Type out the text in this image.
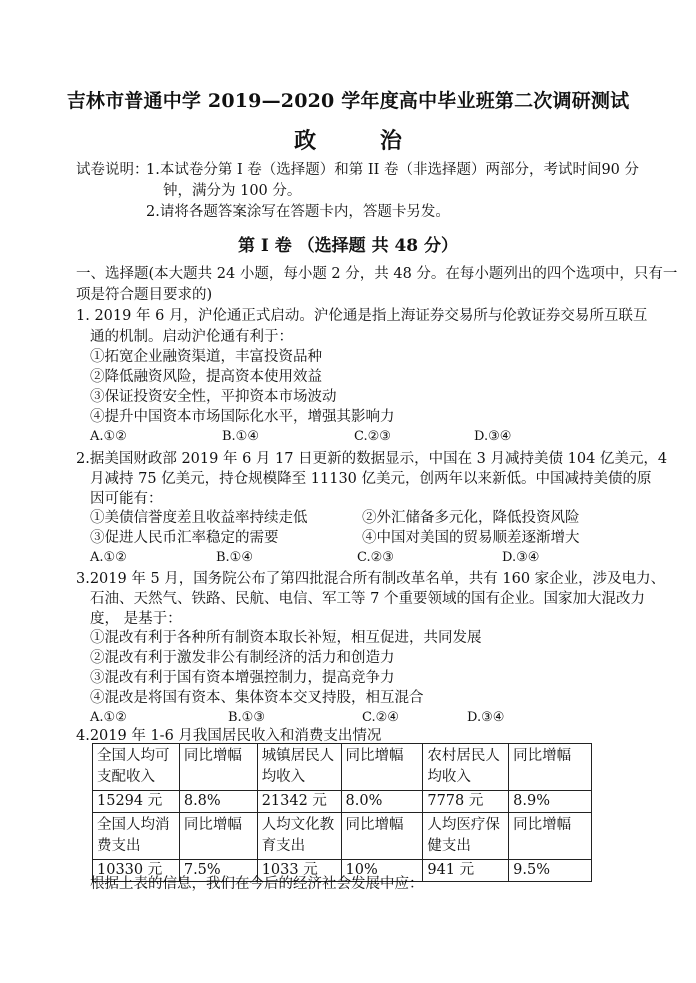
吉林市普通中学 2019—2020 学年度高中毕业班第二次调研测试
政 治
试卷说明：
1.本试卷分第 I 卷（选择题）和第 II 卷（非选择题）两部分，考试时间90 分
钟，满分为 100 分。
2.请将各题答案涂写在答题卡内，答题卡另发。
第 I 卷 （选择题 共 48 分）
一、选择题(本大题共 24 小题，每小题 2 分，共 48 分。在每小题列出的四个选项中，只有一
项是符合题目要求的)
1. 2019 年 6 月，沪伦通正式启动。沪伦通是指上海证券交易所与伦敦证券交易所互联互
通的机制。启动沪伦通有利于：
①拓宽企业融资渠道，丰富投资品种
②降低融资风险，提高资本使用效益
③保证投资安全性，平抑资本市场波动
④提升中国资本市场国际化水平，增强其影响力
A.①②	B.①④	C.②③	D.③④
2.据美国财政部 2019 年 6 月 17 日更新的数据显示，中国在 3 月减持美债 104 亿美元，4
月减持 75 亿美元，持仓规模降至 11130 亿美元，创两年以来新低。中国减持美债的原
因可能有：
①美债信誉度差且收益率持续走低	②外汇储备多元化，降低投资风险
③促进人民币汇率稳定的需要	④中国对美国的贸易顺差逐渐增大
A.①②	B.①④	C.②③	D.③④
3.2019 年 5 月，国务院公布了第四批混合所有制改革名单，共有 160 家企业，涉及电力、
石油、天然气、铁路、民航、电信、军工等 7 个重要领域的国有企业。国家加大混改力
度， 是基于：
①混改有利于各种所有制资本取长补短，相互促进，共同发展
②混改有利于激发非公有制经济的活力和创造力
③混改有利于国有资本增强控制力，提高竞争力
④混改是将国有资本、集体资本交叉持股，相互混合
A.①②	B.①③	C.②④	D.③④
4.2019 年 1-6 月我国居民收入和消费支出情况
全国人均可支配收入	同比增幅	城镇居民人均收入	同比增幅	农村居民人均收入	同比增幅
15294 元	8.8%	21342 元	8.0%	7778 元	8.9%
全国人均消费支出	同比增幅	人均文化教育支出	同比增幅	人均医疗保健支出	同比增幅
10330 元	7.5%	1033 元	10%	941 元	9.5%
根据上表的信息，我们在今后的经济社会发展中应：
